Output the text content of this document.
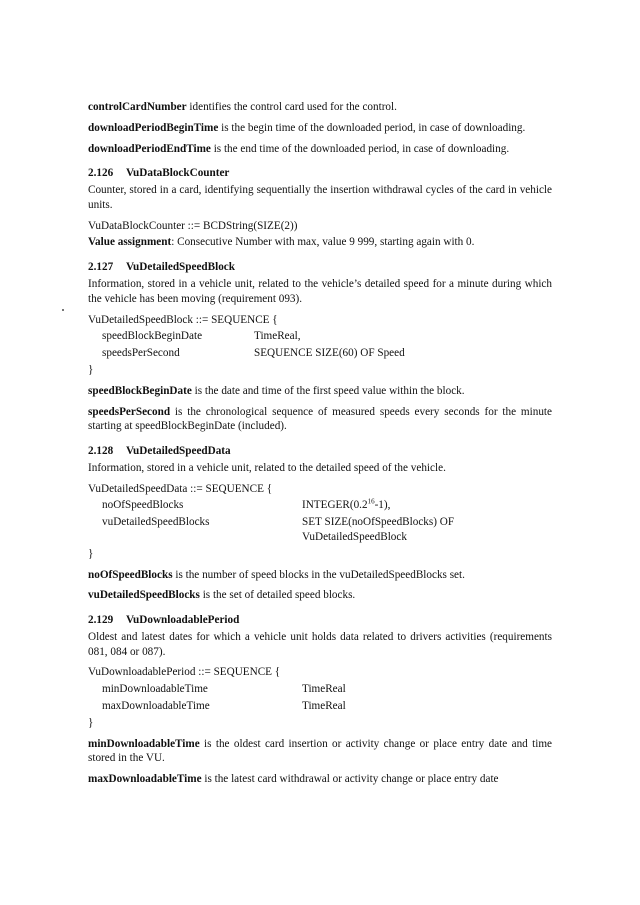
controlCardNumber identifies the control card used for the control.

downloadPeriodBeginTime is the begin time of the downloaded period, in case of downloading.

downloadPeriodEndTime is the end time of the downloaded period, in case of downloading.

2.126 VuDataBlockCounter

Counter, stored in a card, identifying sequentially the insertion withdrawal cycles of the card in vehicle units.

VuDataBlockCounter ::= BCDString(SIZE(2))

Value assignment: Consecutive Number with max, value 9 999, starting again with 0.

2.127 VuDetailedSpeedBlock

Information, stored in a vehicle unit, related to the vehicle’s detailed speed for a minute during which the vehicle has been moving (requirement 093).

VuDetailedSpeedBlock ::= SEQUENCE {
speedBlockBeginDate	TimeReal,
speedsPerSecond	SEQUENCE SIZE(60) OF Speed
}

speedBlockBeginDate is the date and time of the first speed value within the block.

speedsPerSecond is the chronological sequence of measured speeds every seconds for the minute starting at speedBlockBeginDate (included).

2.128 VuDetailedSpeedData

Information, stored in a vehicle unit, related to the detailed speed of the vehicle.

VuDetailedSpeedData ::= SEQUENCE {
noOfSpeedBlocks	$INTEGER(0.2^{16}-1)$,
vuDetailedSpeedBlocks	SET SIZE(noOfSpeedBlocks) OF
VuDetailedSpeedBlock
}

noOfSpeedBlocks is the number of speed blocks in the vuDetailedSpeedBlocks set.

vuDetailedSpeedBlocks is the set of detailed speed blocks.

2.129 VuDownloadablePeriod

Oldest and latest dates for which a vehicle unit holds data related to drivers activities (requirements 081, 084 or 087).

VuDownloadablePeriod ::= SEQUENCE {
minDownloadableTime	TimeReal
maxDownloadableTime	TimeReal
}

minDownloadableTime is the oldest card insertion or activity change or place entry date and time stored in the VU.

maxDownloadableTime is the latest card withdrawal or activity change or place entry date
